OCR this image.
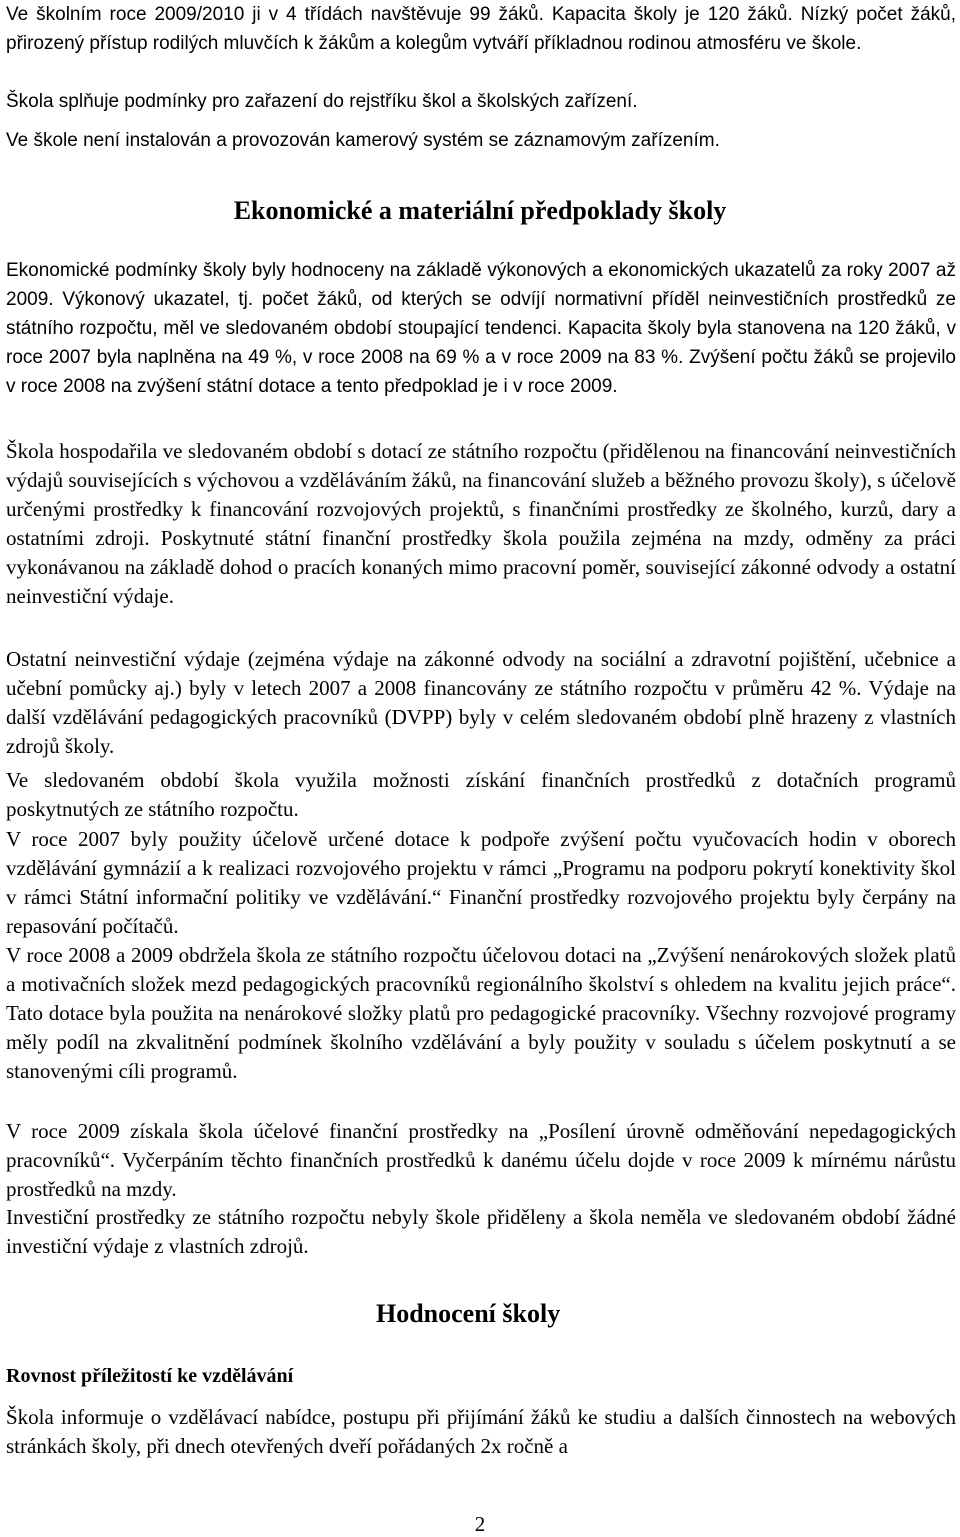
Ve školním roce 2009/2010 ji v 4 třídách navštěvuje 99 žáků. Kapacita školy je 120 žáků. Nízký počet žáků, přirozený přístup rodilých mluvčích k žákům a kolegům vytváří příkladnou rodinou atmosféru ve škole.

Škola splňuje podmínky pro zařazení do rejstříku škol a školských zařízení.

Ve škole není instalován a provozován kamerový systém se záznamovým zařízením.

Ekonomické a materiální předpoklady školy

Ekonomické podmínky školy byly hodnoceny na základě výkonových a ekonomických ukazatelů za roky 2007 až 2009. Výkonový ukazatel, tj. počet žáků, od kterých se odvíjí normativní příděl neinvestičních prostředků ze státního rozpočtu, měl ve sledovaném období stoupající tendenci. Kapacita školy byla stanovena na 120 žáků, v roce 2007 byla naplněna na 49 %, v roce 2008 na 69 % a v roce 2009 na 83 %. Zvýšení počtu žáků se projevilo v roce 2008 na zvýšení státní dotace a tento předpoklad je i v roce 2009.

Škola hospodařila ve sledovaném období s dotací ze státního rozpočtu (přidělenou na financování neinvestičních výdajů souvisejících s výchovou a vzděláváním žáků, na financování služeb a běžného provozu školy), s účelově určenými prostředky k financování rozvojových projektů, s finančními prostředky ze školného, kurzů, dary a ostatními zdroji. Poskytnuté státní finanční prostředky škola použila zejména na mzdy, odměny za práci vykonávanou na základě dohod o pracích konaných mimo pracovní poměr, související zákonné odvody a ostatní neinvestiční výdaje.

Ostatní neinvestiční výdaje (zejména výdaje na zákonné odvody na sociální a zdravotní pojištění, učebnice a učební pomůcky aj.) byly v letech 2007 a 2008 financovány ze státního rozpočtu v průměru 42 %. Výdaje na další vzdělávání pedagogických pracovníků (DVPP) byly v celém sledovaném období plně hrazeny z vlastních zdrojů školy.

Ve sledovaném období škola využila možnosti získání finančních prostředků z dotačních programů poskytnutých ze státního rozpočtu.

V roce 2007 byly použity účelově určené dotace k podpoře zvýšení počtu vyučovacích hodin v oborech vzdělávání gymnázií a k realizaci rozvojového projektu v rámci „Programu na podporu pokrytí konektivity škol v rámci Státní informační politiky ve vzdělávání.“ Finanční prostředky rozvojového projektu byly čerpány na repasování počítačů.

V roce 2008 a 2009 obdržela škola ze státního rozpočtu účelovou dotaci na „Zvýšení nenárokových složek platů a motivačních složek mezd pedagogických pracovníků regionálního školství s ohledem na kvalitu jejich práce“. Tato dotace byla použita na nenárokové složky platů pro pedagogické pracovníky. Všechny rozvojové programy měly podíl na zkvalitnění podmínek školního vzdělávání a byly použity v souladu s účelem poskytnutí a se stanovenými cíli programů.

V roce 2009 získala škola účelové finanční prostředky na „Posílení úrovně odměňování nepedagogických pracovníků“. Vyčerpáním těchto finančních prostředků k danému účelu dojde v roce 2009 k mírnému nárůstu prostředků na mzdy.

Investiční prostředky ze státního rozpočtu nebyly škole přiděleny a škola neměla ve sledovaném období žádné investiční výdaje z vlastních zdrojů.

Hodnocení školy
Rovnost příležitostí ke vzdělávání

Škola informuje o vzdělávací nabídce, postupu při přijímání žáků ke studiu a dalších činnostech na webových stránkách školy, při dnech otevřených dveří pořádaných 2x ročně a

2
